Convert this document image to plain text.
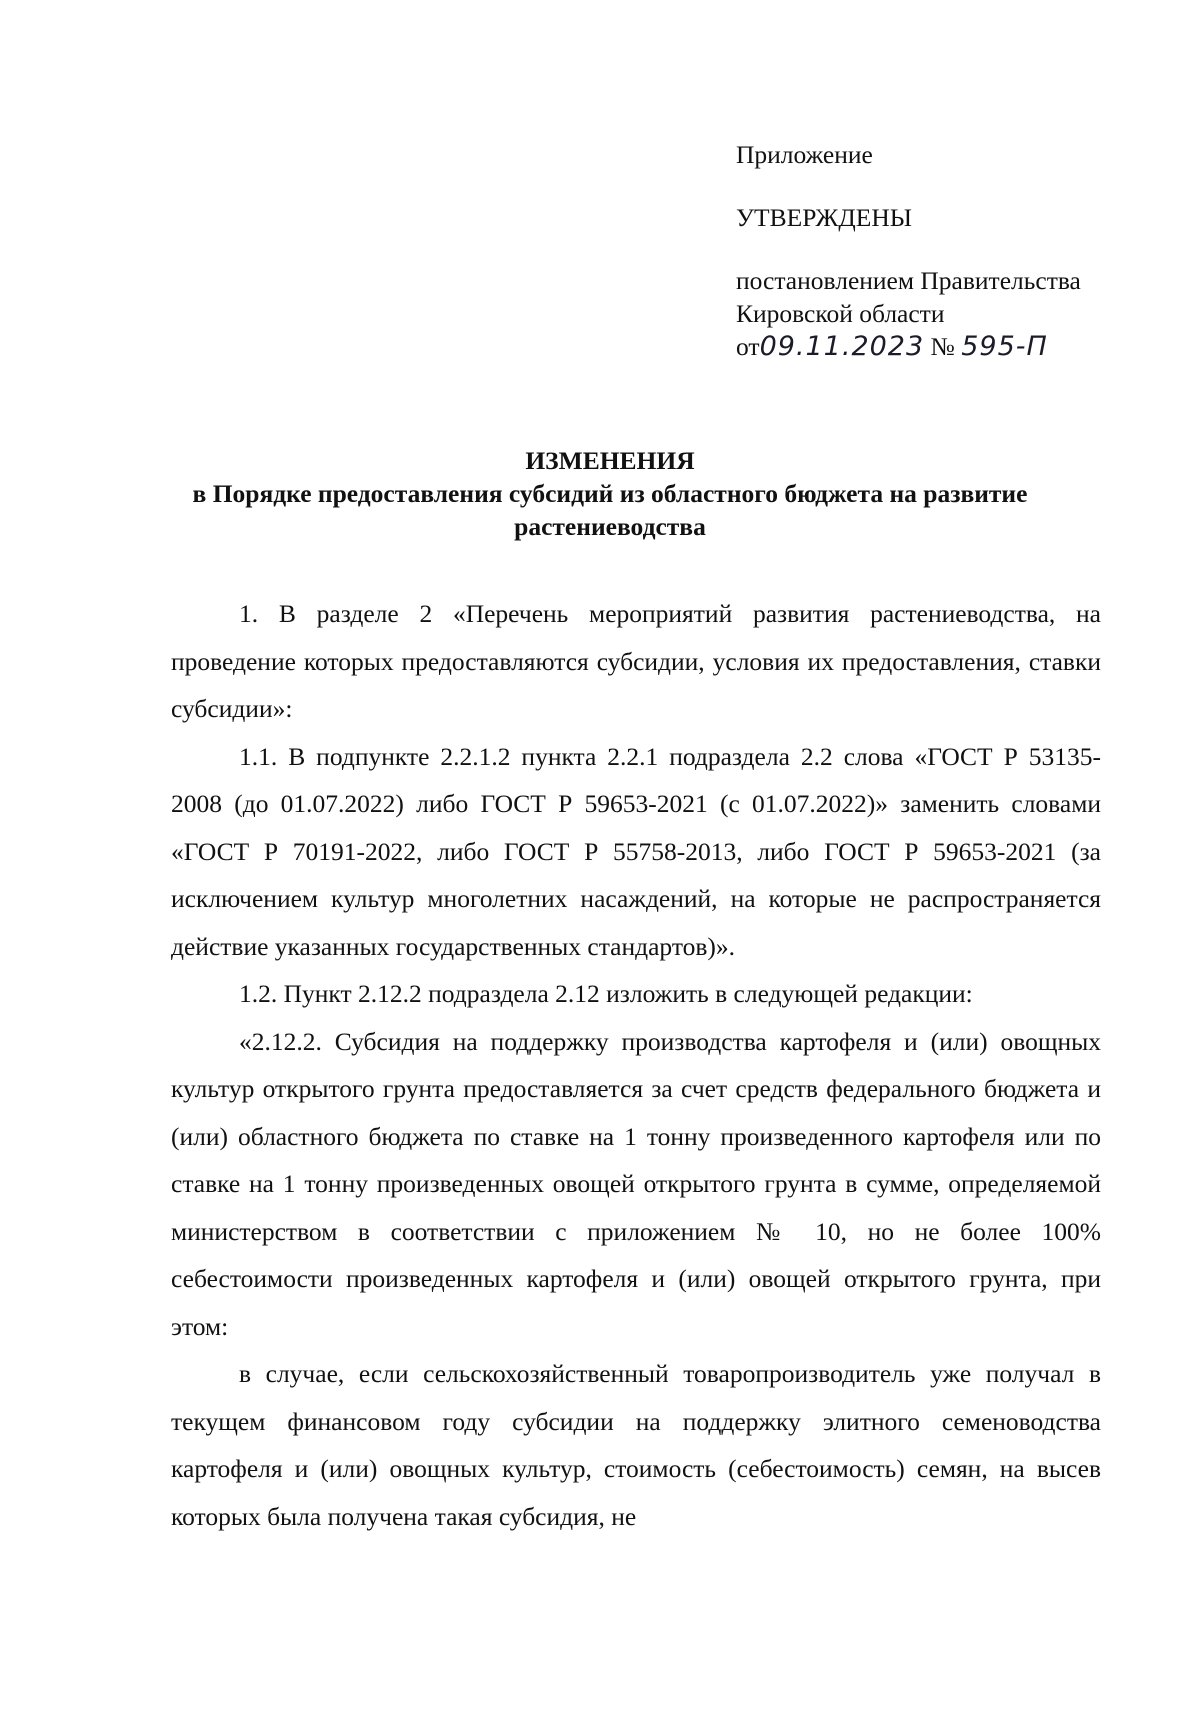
Приложение
УТВЕРЖДЕНЫ
постановлением Правительства
Кировской области
от09.11.2023 № 595-П
ИЗМЕНЕНИЯ
в Порядке предоставления субсидий из областного бюджета на развитие
растениеводства

1. В разделе 2 «Перечень мероприятий развития растениеводства, на проведение которых предоставляются субсидии, условия их предоставления, ставки субсидии»:

1.1. В подпункте 2.2.1.2 пункта 2.2.1 подраздела 2.2 слова «ГОСТ Р 53135-2008 (до 01.07.2022) либо ГОСТ Р 59653-2021 (с 01.07.2022)» заменить словами «ГОСТ Р 70191-2022, либо ГОСТ Р 55758-2013, либо ГОСТ Р 59653-2021 (за исключением культур многолетних насаждений, на которые не распространяется действие указанных государственных стандартов)».

1.2. Пункт 2.12.2 подраздела 2.12 изложить в следующей редакции:

«2.12.2. Субсидия на поддержку производства картофеля и (или) овощных культур открытого грунта предоставляется за счет средств федерального бюджета и (или) областного бюджета по ставке на 1 тонну произведенного картофеля или по ставке на 1 тонну произведенных овощей открытого грунта в сумме, определяемой министерством в соответствии с приложением № 10, но не более 100% себестоимости произведенных картофеля и (или) овощей открытого грунта, при этом:

в случае, если сельскохозяйственный товаропроизводитель уже получал в текущем финансовом году субсидии на поддержку элитного семеноводства картофеля и (или) овощных культур, стоимость (себестоимость) семян, на высев которых была получена такая субсидия, не
